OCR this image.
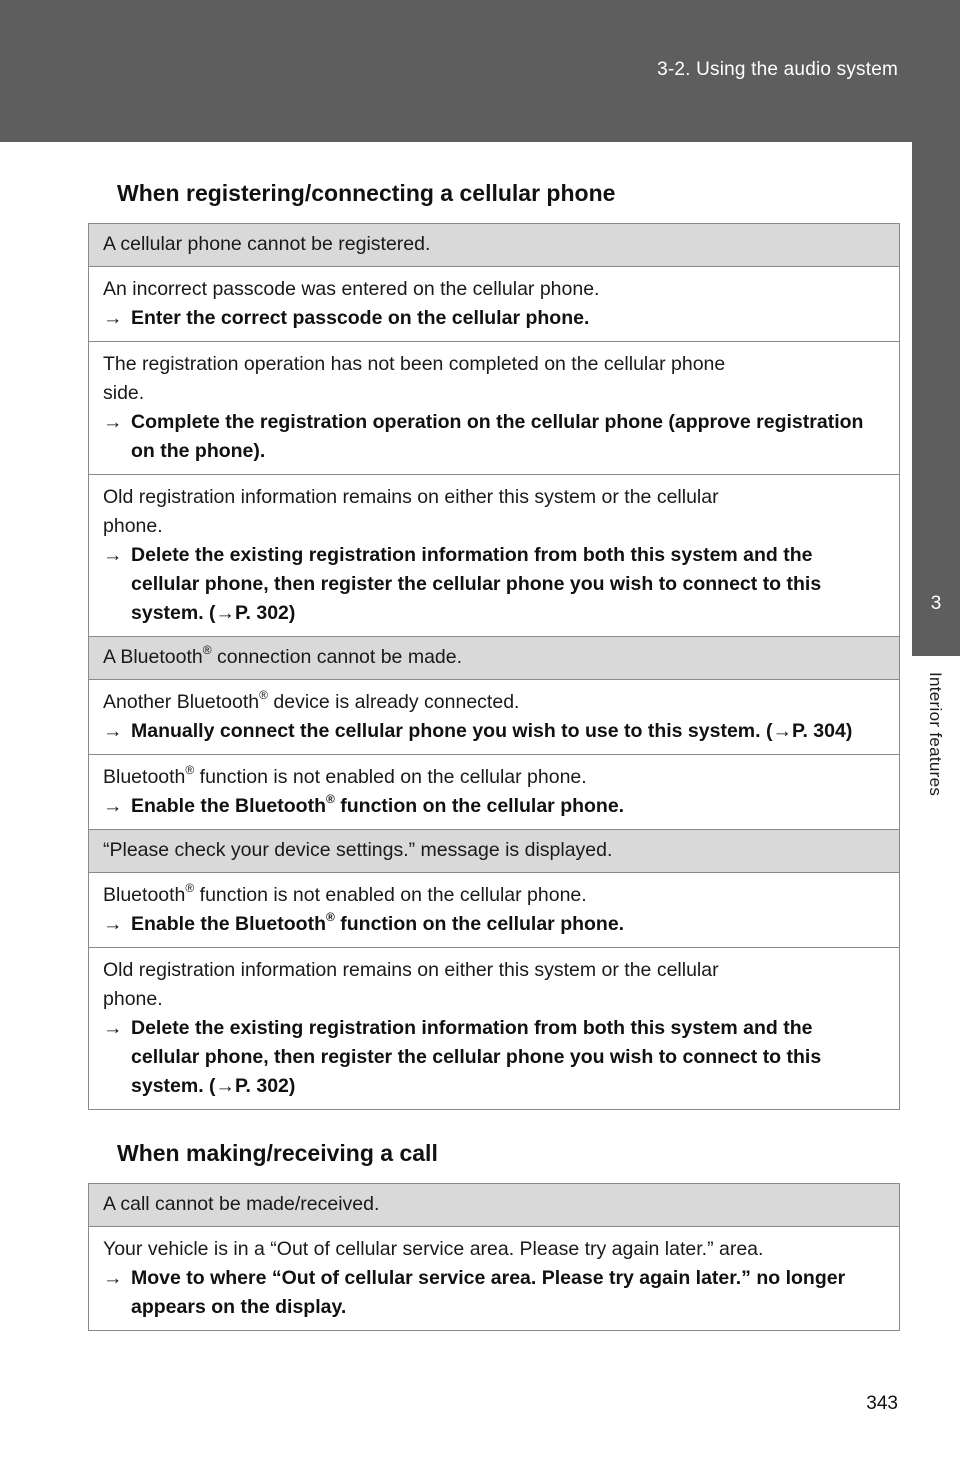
3-2. Using the audio system
3
Interior features
When registering/connecting a cellular phone
A cellular phone cannot be registered.
An incorrect passcode was entered on the cellular phone.
→ Enter the correct passcode on the cellular phone.
The registration operation has not been completed on the cellular phone
side.
→ Complete the registration operation on the cellular phone (approve registration on the phone).
Old registration information remains on either this system or the cellular
phone.
→ Delete the existing registration information from both this system and the cellular phone, then register the cellular phone you wish to connect to this system. (→P. 302)
A Bluetooth® connection cannot be made.
Another Bluetooth® device is already connected.
→ Manually connect the cellular phone you wish to use to this system. (→P. 304)
Bluetooth® function is not enabled on the cellular phone.
→ Enable the Bluetooth® function on the cellular phone.
“Please check your device settings.” message is displayed.
Bluetooth® function is not enabled on the cellular phone.
→ Enable the Bluetooth® function on the cellular phone.
Old registration information remains on either this system or the cellular
phone.
→ Delete the existing registration information from both this system and the cellular phone, then register the cellular phone you wish to connect to this system. (→P. 302)
When making/receiving a call
A call cannot be made/received.
Your vehicle is in a “Out of cellular service area. Please try again later.” area.
→ Move to where “Out of cellular service area. Please try again later.” no longer appears on the display.
343
